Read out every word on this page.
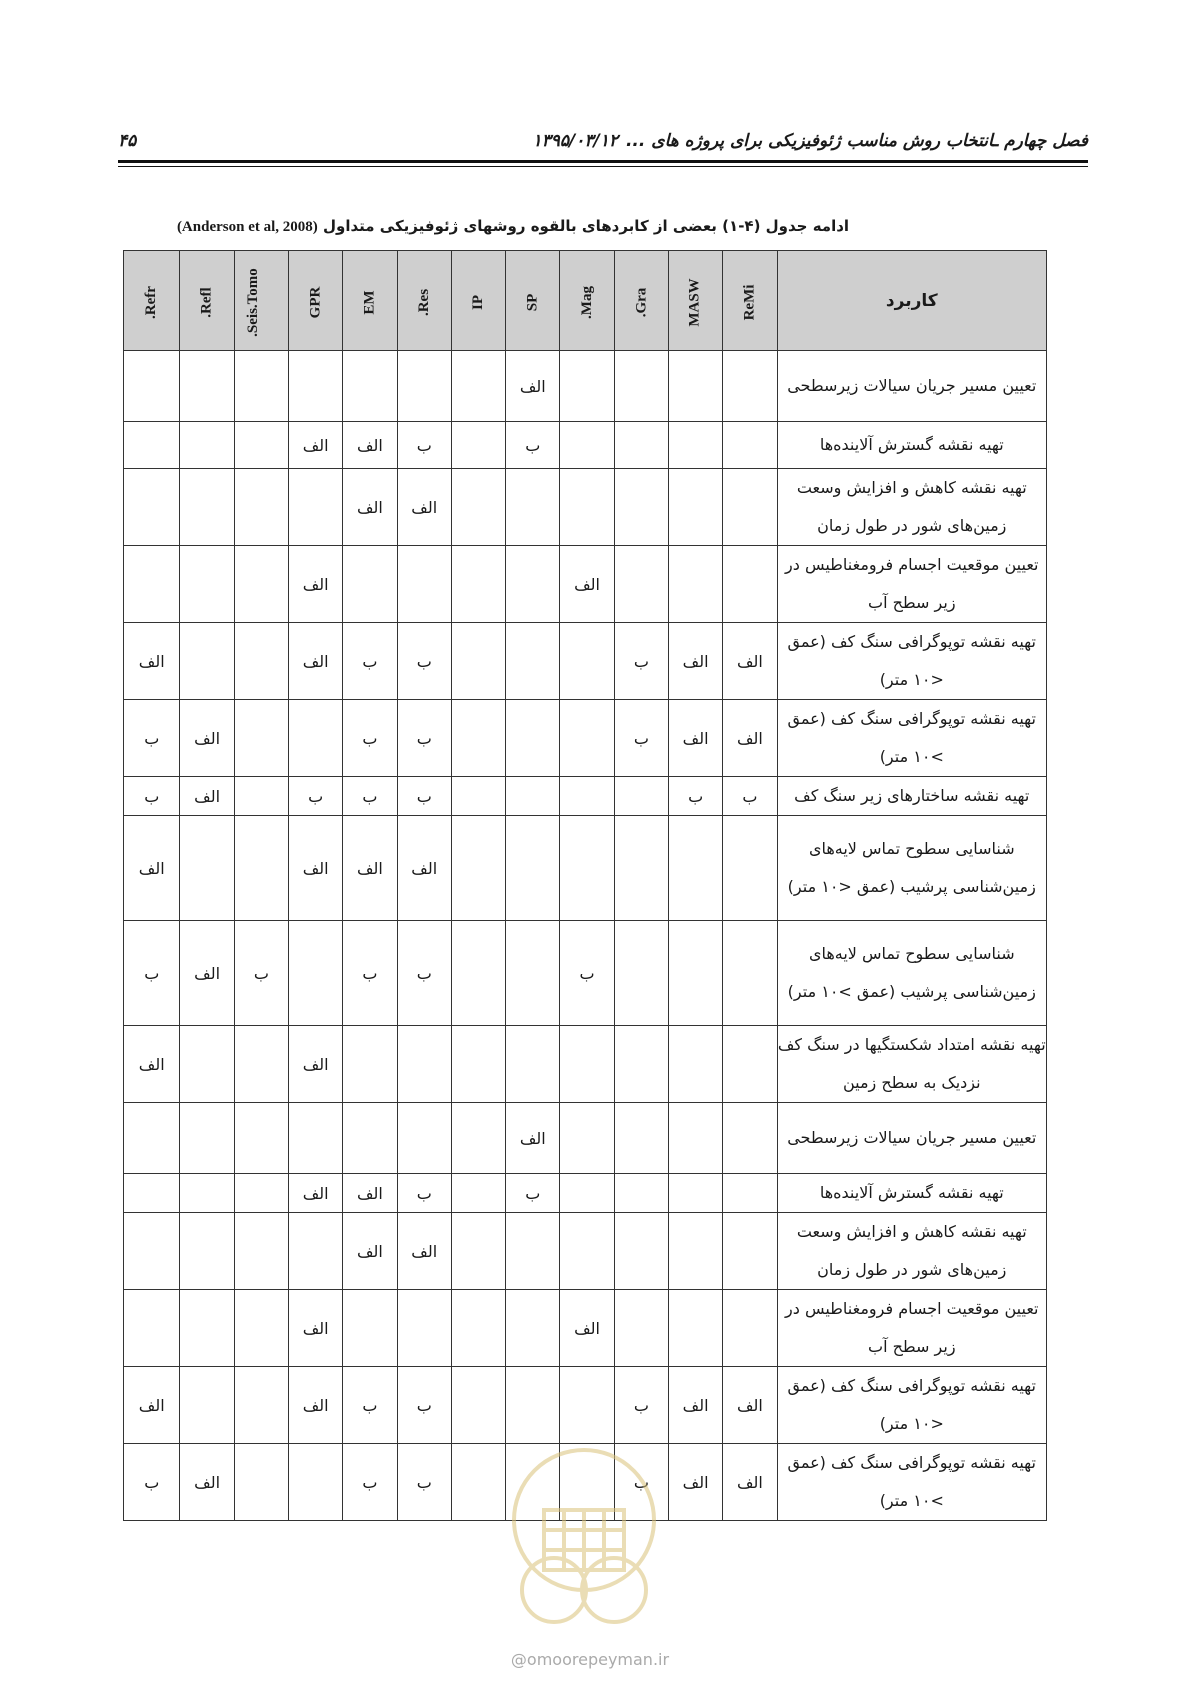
فصل چهارم ـانتخاب روش مناسب ژئوفیزیکی برای پروژه های ...
۱۳۹۵/۰۳/۱۲
۴۵
ادامه جدول (۴-۱) بعضی از کابردهای بالقوه روشهای ژئوفیزیکی متداول (Anderson et al, 2008)
کاربرد	ReMi	MASW	Gra.	Mag.	SP	IP	Res.	EM	GPR	Seis.Tomo.	Refl.	Refr.
تعیین مسیر جریان سیالات زیرسطحی					الف							
تهیه نقشه گسترش آلاینده‌ها					ب		ب	الف	الف			
تهیه نقشه کاهش و افزایش وسعت زمین‌های شور در طول زمان							الف	الف				
تعیین موقعیت اجسام فرومغناطیس در زیر سطح آب				الف					الف			
تهیه نقشه توپوگرافی سنگ کف (عمق <۱۰ متر)	الف	الف	ب				ب	ب	الف			الف
تهیه نقشه توپوگرافی سنگ کف (عمق >۱۰ متر)	الف	الف	ب				ب	ب			الف	ب
تهیه نقشه ساختارهای زیر سنگ کف	ب	ب					ب	ب	ب		الف	ب
شناسایی سطوح تماس لایه‌های زمین‌شناسی پرشیب (عمق <۱۰ متر)							الف	الف	الف			الف
شناسایی سطوح تماس لایه‌های زمین‌شناسی پرشیب (عمق >۱۰ متر)				ب			ب	ب		ب	الف	ب
تهیه نقشه امتداد شکستگیها در سنگ کف نزدیک به سطح زمین									الف			الف
تعیین مسیر جریان سیالات زیرسطحی					الف							
تهیه نقشه گسترش آلاینده‌ها					ب		ب	الف	الف			
تهیه نقشه کاهش و افزایش وسعت زمین‌های شور در طول زمان							الف	الف				
تعیین موقعیت اجسام فرومغناطیس در زیر سطح آب				الف					الف			
تهیه نقشه توپوگرافی سنگ کف (عمق <۱۰ متر)	الف	الف	ب				ب	ب	الف			الف
تهیه نقشه توپوگرافی سنگ کف (عمق >۱۰ متر)	الف	الف	ب				ب	ب			الف	ب
@omoorepeyman.ir
